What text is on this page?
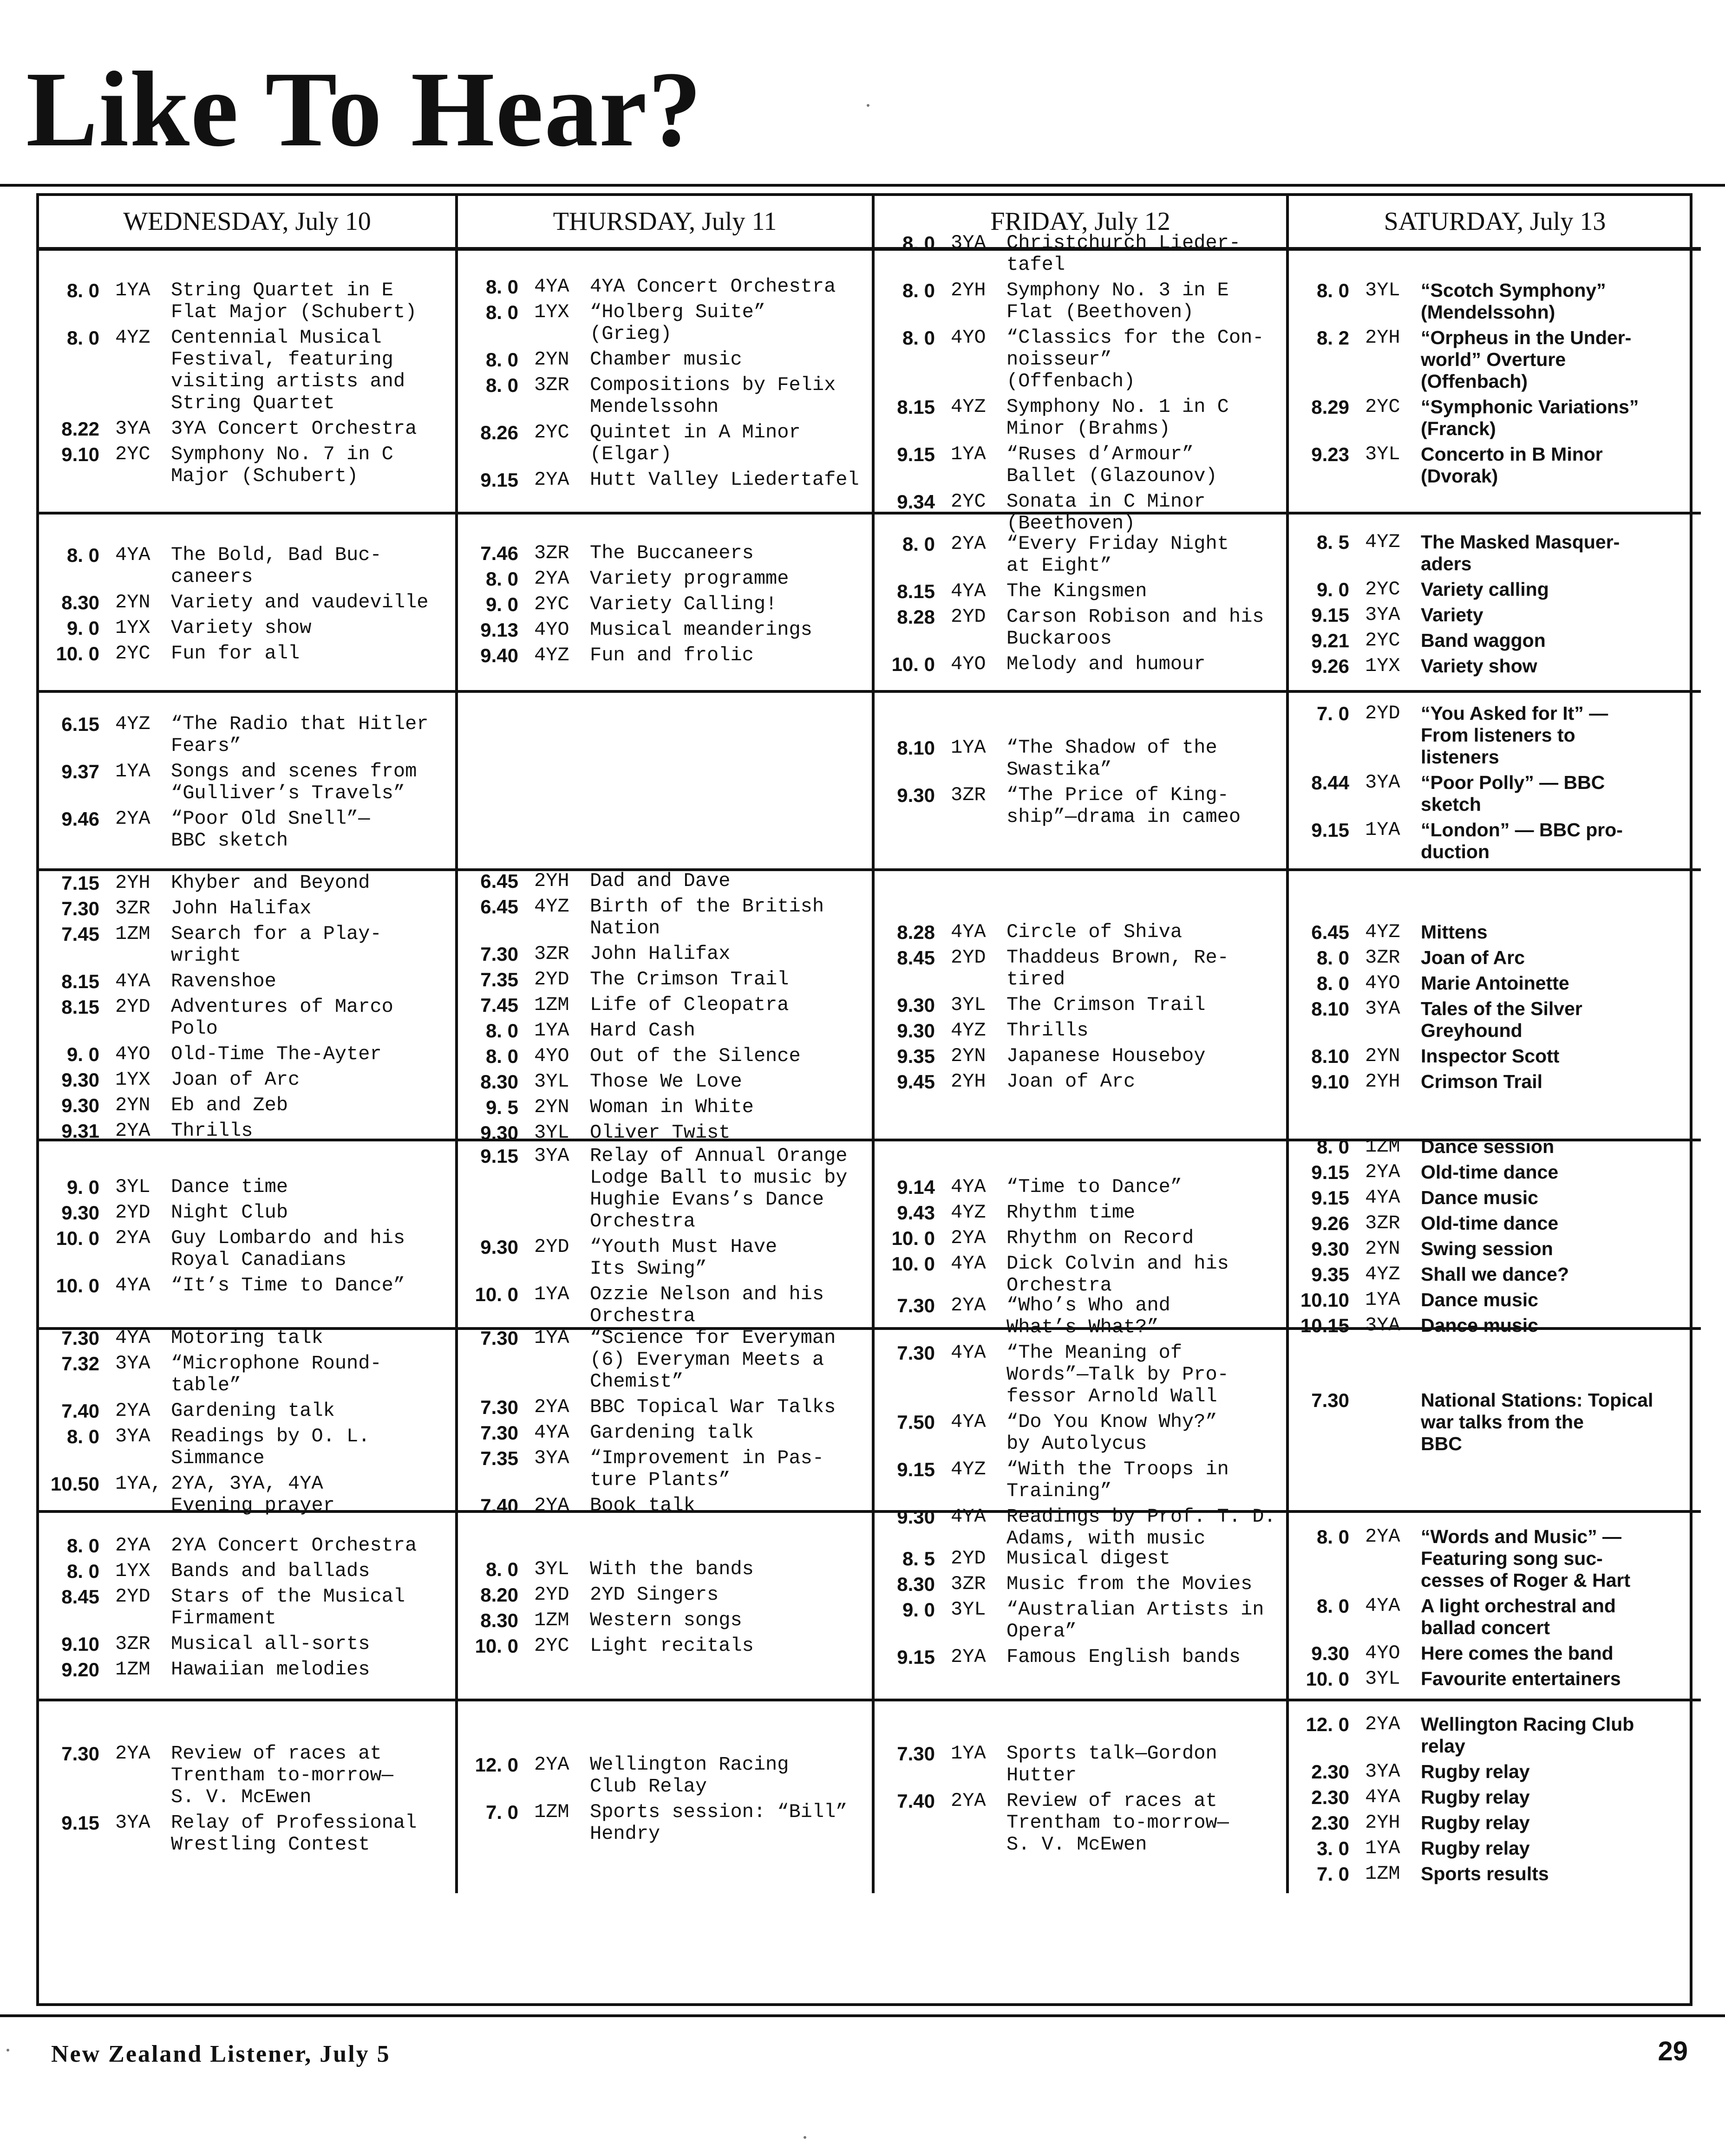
Like To Hear?
WEDNESDAY, July 10	THURSDAY, July 11	FRIDAY, July 12	SATURDAY, July 13
8. 0 1YA	String Quartet in E
Flat Major (Schubert)
8. 0 4YZ	Centennial Musical
Festival, featuring
visiting artists and
String Quartet
8.22 3YA	3YA Concert Orchestra
9.10 2YC	Symphony No. 7 in C
Major (Schubert)
8. 0 4YA	4YA Concert Orchestra
8. 0 1YX	“Holberg Suite”
(Grieg)
8. 0 2YN	Chamber music
8. 0 3ZR	Compositions by Felix
Mendelssohn
8.26 2YC	Quintet in A Minor
(Elgar)
9.15 2YA	Hutt Valley Liedertafel
8. 0 3YA	Christchurch Lieder-
tafel
8. 0 2YH	Symphony No. 3 in E
Flat (Beethoven)
8. 0 4YO	“Classics for the Con-
noisseur”
(Offenbach)
8.15 4YZ	Symphony No. 1 in C
Minor (Brahms)
9.15 1YA	“Ruses d’Armour”
Ballet (Glazounov)
9.34 2YC	Sonata in C Minor
(Beethoven)
8. 0 3YL	“Scotch Symphony”
(Mendelssohn)
8. 2 2YH	“Orpheus in the Under-
world” Overture
(Offenbach)
8.29 2YC	“Symphonic Variations”
(Franck)
9.23 3YL	Concerto in B Minor
(Dvorak)
8. 0 4YA	The Bold, Bad Buc-
caneers
8.30 2YN	Variety and vaudeville
9. 0 1YX	Variety show
10. 0 2YC	Fun for all
7.46 3ZR	The Buccaneers
8. 0 2YA	Variety programme
9. 0 2YC	Variety Calling!
9.13 4YO	Musical meanderings
9.40 4YZ	Fun and frolic
8. 0 2YA	“Every Friday Night
at Eight”
8.15 4YA	The Kingsmen
8.28 2YD	Carson Robison and his
Buckaroos
10. 0 4YO	Melody and humour
8. 5 4YZ	The Masked Masquer-
aders
9. 0 2YC	Variety calling
9.15 3YA	Variety
9.21 2YC	Band waggon
9.26 1YX	Variety show
6.15 4YZ	“The Radio that Hitler
Fears”
9.37 1YA	Songs and scenes from
“Gulliver’s Travels”
9.46 2YA	“Poor Old Snell”—
BBC sketch
8.10 1YA	“The Shadow of the
Swastika”
9.30 3ZR	“The Price of King-
ship”—drama in cameo
7. 0 2YD	“You Asked for It” —
From listeners to
listeners
8.44 3YA	“Poor Polly” — BBC
sketch
9.15 1YA	“London” — BBC pro-
duction
7.15 2YH	Khyber and Beyond
7.30 3ZR	John Halifax
7.45 1ZM	Search for a Play-
wright
8.15 4YA	Ravenshoe
8.15 2YD	Adventures of Marco
Polo
9. 0 4YO	Old-Time The-Ayter
9.30 1YX	Joan of Arc
9.30 2YN	Eb and Zeb
9.31 2YA	Thrills
6.45 2YH	Dad and Dave
6.45 4YZ	Birth of the British
Nation
7.30 3ZR	John Halifax
7.35 2YD	The Crimson Trail
7.45 1ZM	Life of Cleopatra
8. 0 1YA	Hard Cash
8. 0 4YO	Out of the Silence
8.30 3YL	Those We Love
9. 5 2YN	Woman in White
9.30 3YL	Oliver Twist
8.28 4YA	Circle of Shiva
8.45 2YD	Thaddeus Brown, Re-
tired
9.30 3YL	The Crimson Trail
9.30 4YZ	Thrills
9.35 2YN	Japanese Houseboy
9.45 2YH	Joan of Arc
6.45 4YZ	Mittens
8. 0 3ZR	Joan of Arc
8. 0 4YO	Marie Antoinette
8.10 3YA	Tales of the Silver
Greyhound
8.10 2YN	Inspector Scott
9.10 2YH	Crimson Trail
9. 0 3YL	Dance time
9.30 2YD	Night Club
10. 0 2YA	Guy Lombardo and his
Royal Canadians
10. 0 4YA	“It’s Time to Dance”
9.15 3YA	Relay of Annual Orange
Lodge Ball to music by
Hughie Evans’s Dance
Orchestra
9.30 2YD	“Youth Must Have
Its Swing”
10. 0 1YA	Ozzie Nelson and his
Orchestra
9.14 4YA	“Time to Dance”
9.43 4YZ	Rhythm time
10. 0 2YA	Rhythm on Record
10. 0 4YA	Dick Colvin and his
Orchestra
8. 0 1ZM	Dance session
9.15 2YA	Old-time dance
9.15 4YA	Dance music
9.26 3ZR	Old-time dance
9.30 2YN	Swing session
9.35 4YZ	Shall we dance?
10.10 1YA	Dance music
10.15 3YA	Dance music
7.30 4YA	Motoring talk
7.32 3YA	“Microphone Round-
table”
7.40 2YA	Gardening talk
8. 0 3YA	Readings by O. L.
Simmance
10.50 1YA, 2YA, 3YA, 4YA
Evening prayer
7.30 1YA	“Science for Everyman
(6) Everyman Meets a
Chemist”
7.30 2YA	BBC Topical War Talks
7.30 4YA	Gardening talk
7.35 3YA	“Improvement in Pas-
ture Plants”
7.40 2YA	Book talk
7.30 2YA	“Who’s Who and
What’s What?”
7.30 4YA	“The Meaning of
Words”—Talk by Pro-
fessor Arnold Wall
7.50 4YA	“Do You Know Why?”
by Autolycus
9.15 4YZ	“With the Troops in
Training”
9.30 4YA	Readings by Prof. T. D.
Adams, with music
7.30	National Stations: Topical
war talks from the
BBC
8. 0 2YA	2YA Concert Orchestra
8. 0 1YX	Bands and ballads
8.45 2YD	Stars of the Musical
Firmament
9.10 3ZR	Musical all-sorts
9.20 1ZM	Hawaiian melodies
8. 0 3YL	With the bands
8.20 2YD	2YD Singers
8.30 1ZM	Western songs
10. 0 2YC	Light recitals
8. 5 2YD	Musical digest
8.30 3ZR	Music from the Movies
9. 0 3YL	“Australian Artists in
Opera”
9.15 2YA	Famous English bands
8. 0 2YA	“Words and Music” —
Featuring song suc-
cesses of Roger & Hart
8. 0 4YA	A light orchestral and
ballad concert
9.30 4YO	Here comes the band
10. 0 3YL	Favourite entertainers
7.30 2YA	Review of races at
Trentham to-morrow—
S. V. McEwen
9.15 3YA	Relay of Professional
Wrestling Contest
12. 0 2YA	Wellington Racing
Club Relay
7. 0 1ZM	Sports session: “Bill”
Hendry
7.30 1YA	Sports talk—Gordon
Hutter
7.40 2YA	Review of races at
Trentham to-morrow—
S. V. McEwen
12. 0 2YA	Wellington Racing Club
relay
2.30 3YA	Rugby relay
2.30 4YA	Rugby relay
2.30 2YH	Rugby relay
3. 0 1YA	Rugby relay
7. 0 1ZM	Sports results
New Zealand Listener, July 5	29
